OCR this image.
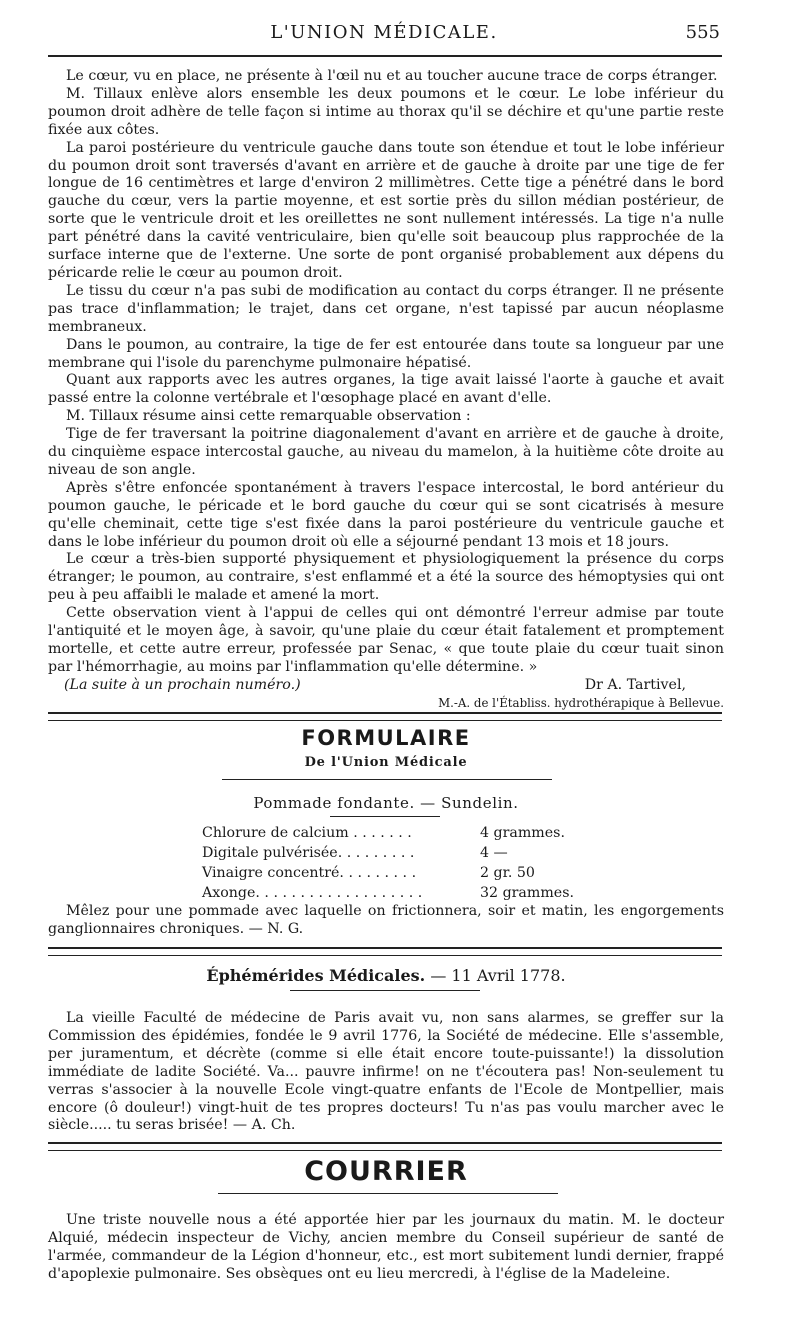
L'UNION MÉDICALE.	555

Le cœur, vu en place, ne présente à l'œil nu et au toucher aucune trace de corps étranger.

M. Tillaux enlève alors ensemble les deux poumons et le cœur. Le lobe inférieur du poumon droit adhère de telle façon si intime au thorax qu'il se déchire et qu'une partie reste fixée aux côtes.

La paroi postérieure du ventricule gauche dans toute son étendue et tout le lobe inférieur du poumon droit sont traversés d'avant en arrière et de gauche à droite par une tige de fer longue de 16 centimètres et large d'environ 2 millimètres. Cette tige a pénétré dans le bord gauche du cœur, vers la partie moyenne, et est sortie près du sillon médian postérieur, de sorte que le ventricule droit et les oreillettes ne sont nullement intéressés. La tige n'a nulle part pénétré dans la cavité ventriculaire, bien qu'elle soit beaucoup plus rapprochée de la surface interne que de l'externe. Une sorte de pont organisé probablement aux dépens du péricarde relie le cœur au poumon droit.

Le tissu du cœur n'a pas subi de modification au contact du corps étranger. Il ne présente pas trace d'inflammation; le trajet, dans cet organe, n'est tapissé par aucun néoplasme membraneux.

Dans le poumon, au contraire, la tige de fer est entourée dans toute sa longueur par une membrane qui l'isole du parenchyme pulmonaire hépatisé.

Quant aux rapports avec les autres organes, la tige avait laissé l'aorte à gauche et avait passé entre la colonne vertébrale et l'œsophage placé en avant d'elle.

M. Tillaux résume ainsi cette remarquable observation :

Tige de fer traversant la poitrine diagonalement d'avant en arrière et de gauche à droite, du cinquième espace intercostal gauche, au niveau du mamelon, à la huitième côte droite au niveau de son angle.

Après s'être enfoncée spontanément à travers l'espace intercostal, le bord antérieur du poumon gauche, le péricade et le bord gauche du cœur qui se sont cicatrisés à mesure qu'elle cheminait, cette tige s'est fixée dans la paroi postérieure du ventricule gauche et dans le lobe inférieur du poumon droit où elle a séjourné pendant 13 mois et 18 jours.

Le cœur a très-bien supporté physiquement et physiologiquement la présence du corps étranger; le poumon, au contraire, s'est enflammé et a été la source des hémoptysies qui ont peu à peu affaibli le malade et amené la mort.

Cette observation vient à l'appui de celles qui ont démontré l'erreur admise par toute l'antiquité et le moyen âge, à savoir, qu'une plaie du cœur était fatalement et promptement mortelle, et cette autre erreur, professée par Senac, « que toute plaie du cœur tuait sinon par l'hémorrhagie, au moins par l'inflammation qu'elle détermine. »

(La suite à un prochain numéro.)	Dr A. Tartivel,
M.-A. de l'Établiss. hydrothérapique à Bellevue.
FORMULAIRE
De l'Union Médicale
Pommade fondante. — Sundelin.
Chlorure de calcium . . . . . . .	4 grammes.
Digitale pulvérisée. . . . . . . . .	4 —
Vinaigre concentré. . . . . . . . .	2 gr. 50
Axonge. . . . . . . . . . . . . . . . . . .	32 grammes.

Mêlez pour une pommade avec laquelle on frictionnera, soir et matin, les engorgements ganglionnaires chroniques. — N. G.

Éphémérides Médicales. — 11 Avril 1778.

La vieille Faculté de médecine de Paris avait vu, non sans alarmes, se greffer sur la Commission des épidémies, fondée le 9 avril 1776, la Société de médecine. Elle s'assemble, per juramentum, et décrète (comme si elle était encore toute-puissante!) la dissolution immédiate de ladite Société. Va... pauvre infirme! on ne t'écoutera pas! Non-seulement tu verras s'associer à la nouvelle Ecole vingt-quatre enfants de l'Ecole de Montpellier, mais encore (ô douleur!) vingt-huit de tes propres docteurs! Tu n'as pas voulu marcher avec le siècle..... tu seras brisée! — A. Ch.

COURRIER

Une triste nouvelle nous a été apportée hier par les journaux du matin. M. le docteur Alquié, médecin inspecteur de Vichy, ancien membre du Conseil supérieur de santé de l'armée, commandeur de la Légion d'honneur, etc., est mort subitement lundi dernier, frappé d'apoplexie pulmonaire. Ses obsèques ont eu lieu mercredi, à l'église de la Madeleine.
